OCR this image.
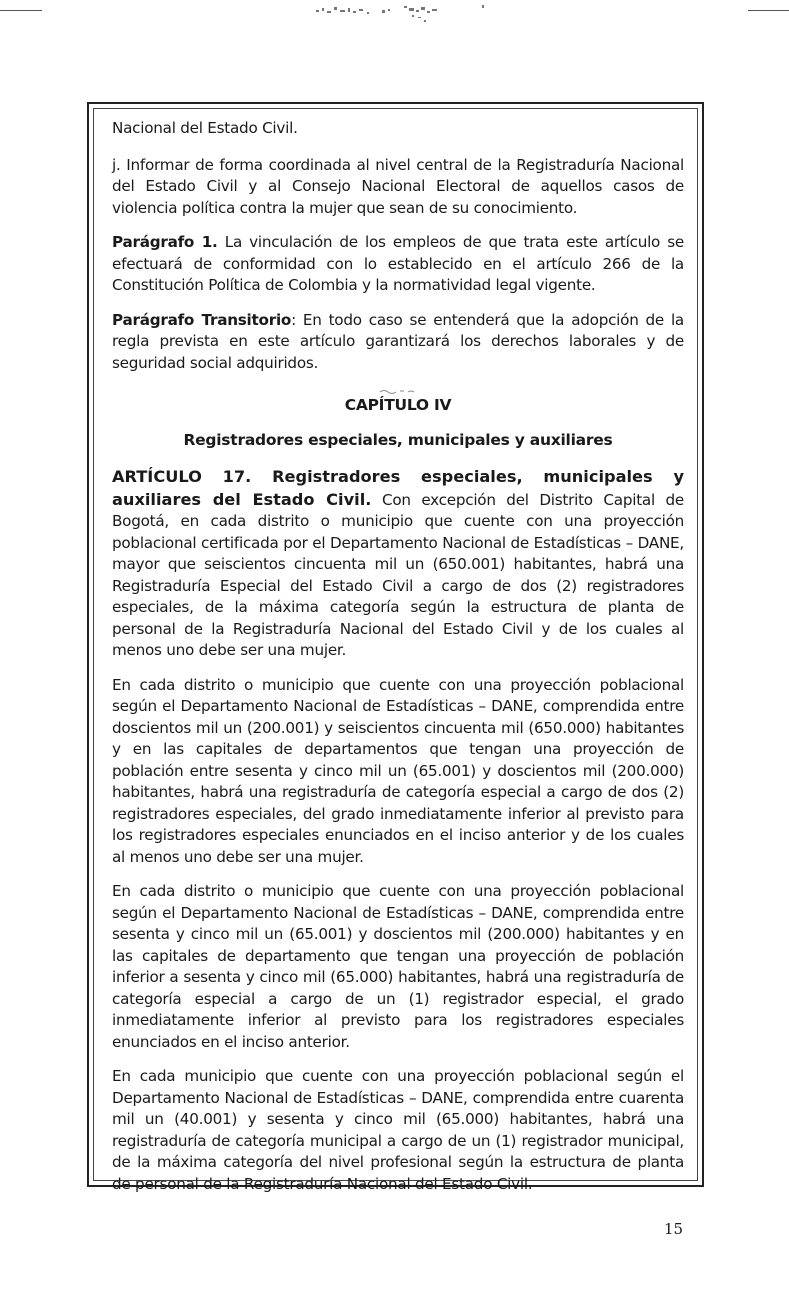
Nacional del Estado Civil.

j. Informar de forma coordinada al nivel central de la Registraduría Nacional del Estado Civil y al Consejo Nacional Electoral de aquellos casos de violencia política contra la mujer que sean de su conocimiento.

Parágrafo 1. La vinculación de los empleos de que trata este artículo se efectuará de conformidad con lo establecido en el artículo 266 de la Constitución Política de Colombia y la normatividad legal vigente.

Parágrafo Transitorio: En todo caso se entenderá que la adopción de la regla prevista en este artículo garantizará los derechos laborales y de seguridad social adquiridos.

CAPÍTULO IV
Registradores especiales, municipales y auxiliares

ARTÍCULO 17. Registradores especiales, municipales y auxiliares del Estado Civil. Con excepción del Distrito Capital de Bogotá, en cada distrito o municipio que cuente con una proyección poblacional certificada por el Departamento Nacional de Estadísticas – DANE, mayor que seiscientos cincuenta mil un (650.001) habitantes, habrá una Registraduría Especial del Estado Civil a cargo de dos (2) registradores especiales, de la máxima categoría según la estructura de planta de personal de la Registraduría Nacional del Estado Civil y de los cuales al menos uno debe ser una mujer.

En cada distrito o municipio que cuente con una proyección poblacional según el Departamento Nacional de Estadísticas – DANE, comprendida entre doscientos mil un (200.001) y seiscientos cincuenta mil (650.000) habitantes y en las capitales de departamentos que tengan una proyección de población entre sesenta y cinco mil un (65.001) y doscientos mil (200.000) habitantes, habrá una registraduría de categoría especial a cargo de dos (2) registradores especiales, del grado inmediatamente inferior al previsto para los registradores especiales enunciados en el inciso anterior y de los cuales al menos uno debe ser una mujer.

En cada distrito o municipio que cuente con una proyección poblacional según el Departamento Nacional de Estadísticas – DANE, comprendida entre sesenta y cinco mil un (65.001) y doscientos mil (200.000) habitantes y en las capitales de departamento que tengan una proyección de población inferior a sesenta y cinco mil (65.000) habitantes, habrá una registraduría de categoría especial a cargo de un (1) registrador especial, el grado inmediatamente inferior al previsto para los registradores especiales enunciados en el inciso anterior.

En cada municipio que cuente con una proyección poblacional según el Departamento Nacional de Estadísticas – DANE, comprendida entre cuarenta mil un (40.001) y sesenta y cinco mil (65.000) habitantes, habrá una registraduría de categoría municipal a cargo de un (1) registrador municipal, de la máxima categoría del nivel profesional según la estructura de planta de personal de la Registraduría Nacional del Estado Civil.

15
